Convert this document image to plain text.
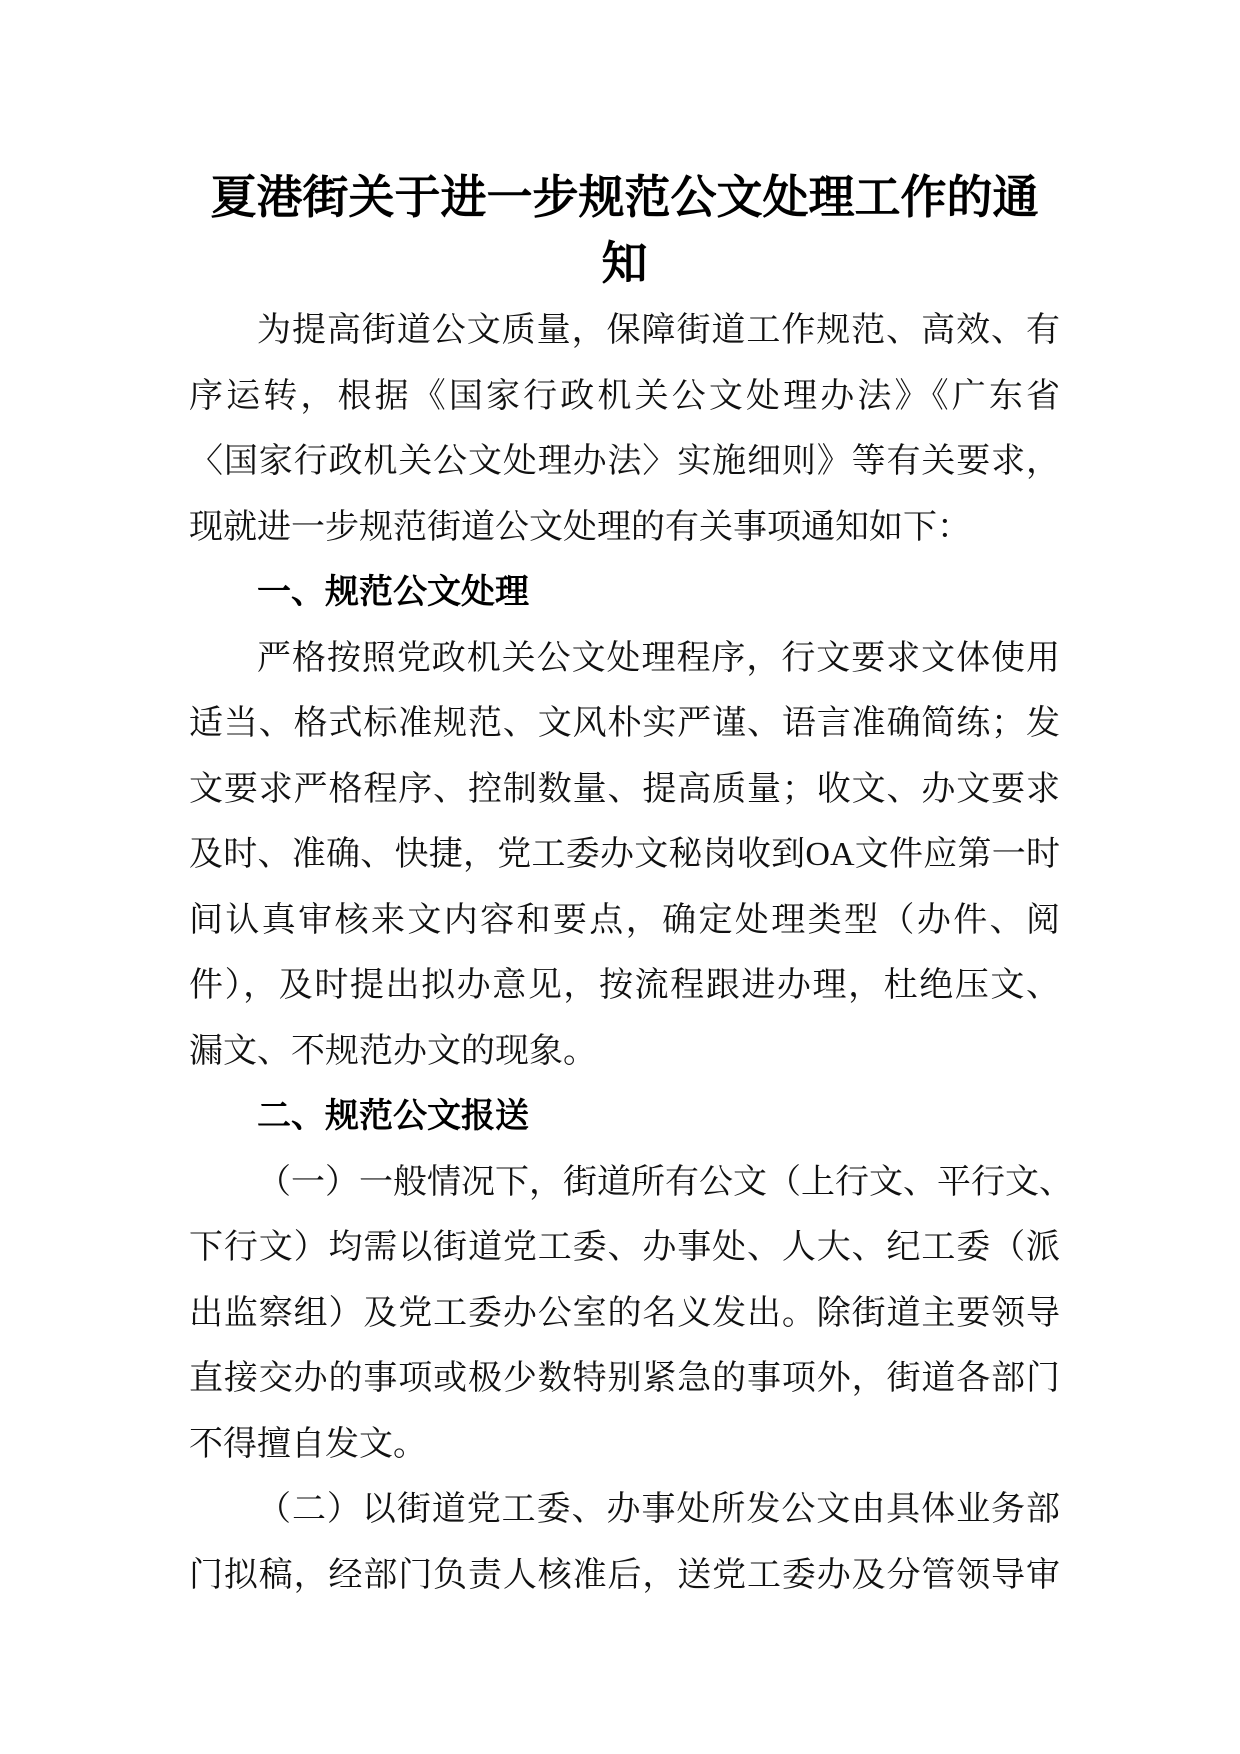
夏港街关于进一步规范公文处理工作的通
知
为提高街道公文质量，保障街道工作规范、高效、有
序运转，根据《国家行政机关公文处理办法》《广东省
〈国家行政机关公文处理办法〉实施细则》等有关要求，
现就进一步规范街道公文处理的有关事项通知如下：
一、规范公文处理
严格按照党政机关公文处理程序，行文要求文体使用
适当、格式标准规范、文风朴实严谨、语言准确简练；发
文要求严格程序、控制数量、提高质量；收文、办文要求
及时、准确、快捷，党工委办文秘岗收到OA文件应第一时
间认真审核来文内容和要点，确定处理类型（办件、阅
件），及时提出拟办意见，按流程跟进办理，杜绝压文、
漏文、不规范办文的现象。
二、规范公文报送
（一）一般情况下，街道所有公文（上行文、平行文、
下行文）均需以街道党工委、办事处、人大、纪工委（派
出监察组）及党工委办公室的名义发出。除街道主要领导
直接交办的事项或极少数特别紧急的事项外，街道各部门
不得擅自发文。
（二）以街道党工委、办事处所发公文由具体业务部
门拟稿，经部门负责人核准后，送党工委办及分管领导审
